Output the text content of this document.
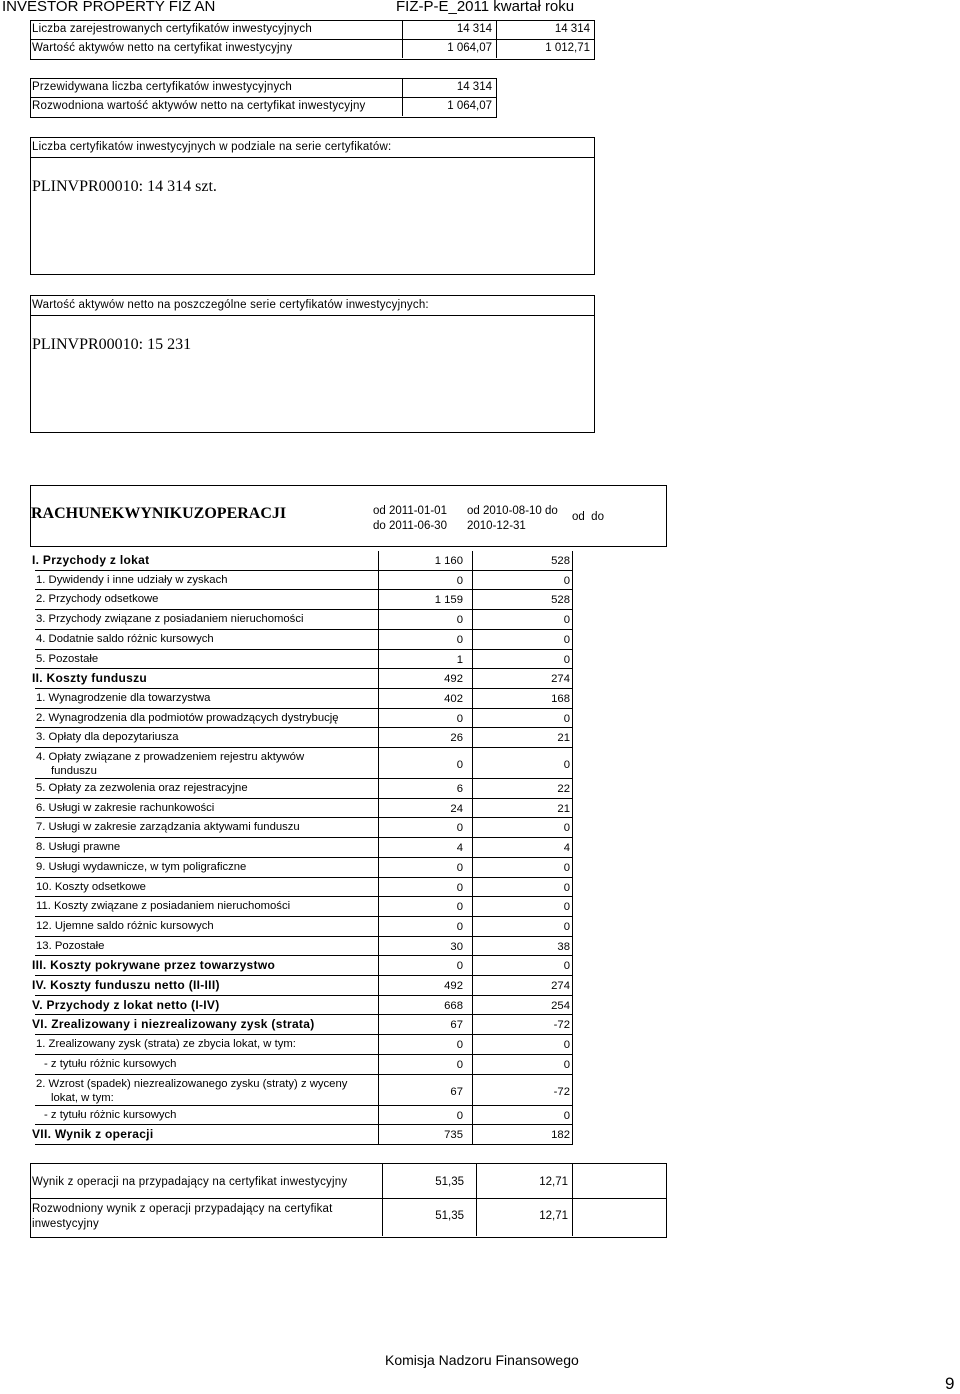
INVESTOR PROPERTY FIZ AN	FIZ-P-E_2011 kwartał roku
Liczba zarejestrowanych certyfikatów inwestycyjnych	14 314	14 314
Wartość aktywów netto na certyfikat inwestycyjny	1 064,07	1 012,71
Przewidywana liczba certyfikatów inwestycyjnych	14 314
Rozwodniona wartość aktywów netto na certyfikat inwestycyjny	1 064,07
Liczba certyfikatów inwestycyjnych w podziale na serie certyfikatów:
PLINVPR00010: 14 314 szt.
Wartość aktywów netto na poszczególne serie certyfikatów inwestycyjnych:
PLINVPR00010: 15 231
RACHUNEKWYNIKUZOPERACJI	od 2011-01-01
do 2011-06-30
od 2010-08-10 do
2010-12-31
od  do
I. Przychody z lokat	1 160	528
1. Dywidendy i inne udziały w zyskach	0	0
2. Przychody odsetkowe	1 159	528
3. Przychody związane z posiadaniem nieruchomości	0	0
4. Dodatnie saldo różnic kursowych	0	0
5. Pozostałe	1	0
II. Koszty funduszu	492	274
1. Wynagrodzenie dla towarzystwa	402	168
2. Wynagrodzenia dla podmiotów prowadzących dystrybucję	0	0
3. Opłaty dla depozytariusza	26	21
4. Opłaty związane z prowadzeniem rejestru aktywów
funduszu	0	0
5. Opłaty za zezwolenia oraz rejestracyjne	6	22
6. Usługi w zakresie rachunkowości	24	21
7. Usługi w zakresie zarządzania aktywami funduszu	0	0
8. Usługi prawne	4	4
9. Usługi wydawnicze, w tym poligraficzne	0	0
10. Koszty odsetkowe	0	0
11. Koszty związane z posiadaniem nieruchomości	0	0
12. Ujemne saldo różnic kursowych	0	0
13. Pozostałe	30	38
III. Koszty pokrywane przez towarzystwo	0	0
IV. Koszty funduszu netto (II-III)	492	274
V. Przychody z lokat netto (I-IV)	668	254
VI. Zrealizowany i niezrealizowany zysk (strata)	67	-72
1. Zrealizowany zysk (strata) ze zbycia lokat, w tym:	0	0
- z tytułu różnic kursowych	0	0
2. Wzrost (spadek) niezrealizowanego zysku (straty) z wyceny
lokat, w tym:	67	-72
- z tytułu różnic kursowych	0	0
VII. Wynik z operacji	735	182
Wynik z operacji na przypadający na certyfikat inwestycyjny	51,35	12,71
Rozwodniony wynik z operacji przypadający na certyfikat
inwestycyjny
51,35	12,71
Komisja Nadzoru Finansowego
9
